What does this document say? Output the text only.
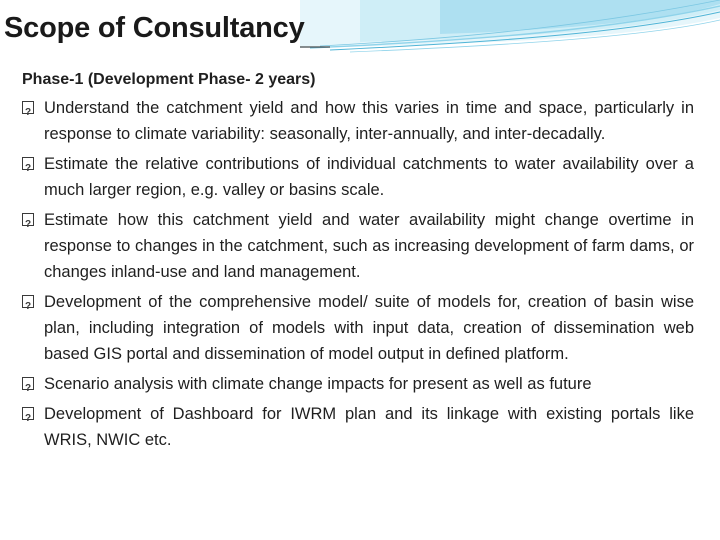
Scope of Consultancy

Phase-1 (Development Phase- 2 years)

?
Understand the catchment yield and how this varies in time and space, particularly in response to climate variability: seasonally, inter-annually, and inter-decadally.
?
Estimate the relative contributions of individual catchments to water availability over a much larger region, e.g. valley or basins scale.
?
Estimate how this catchment yield and water availability might change overtime in response to changes in the catchment, such as increasing development of farm dams, or changes inland-use and land management.
?
Development of the comprehensive model/ suite of models for, creation of basin wise plan, including integration of models with input data, creation of dissemination web based GIS portal and dissemination of model output in defined platform.
?
Scenario analysis with climate change impacts for present as well as future
?
Development of Dashboard for IWRM plan and its linkage with existing portals like WRIS, NWIC etc.
